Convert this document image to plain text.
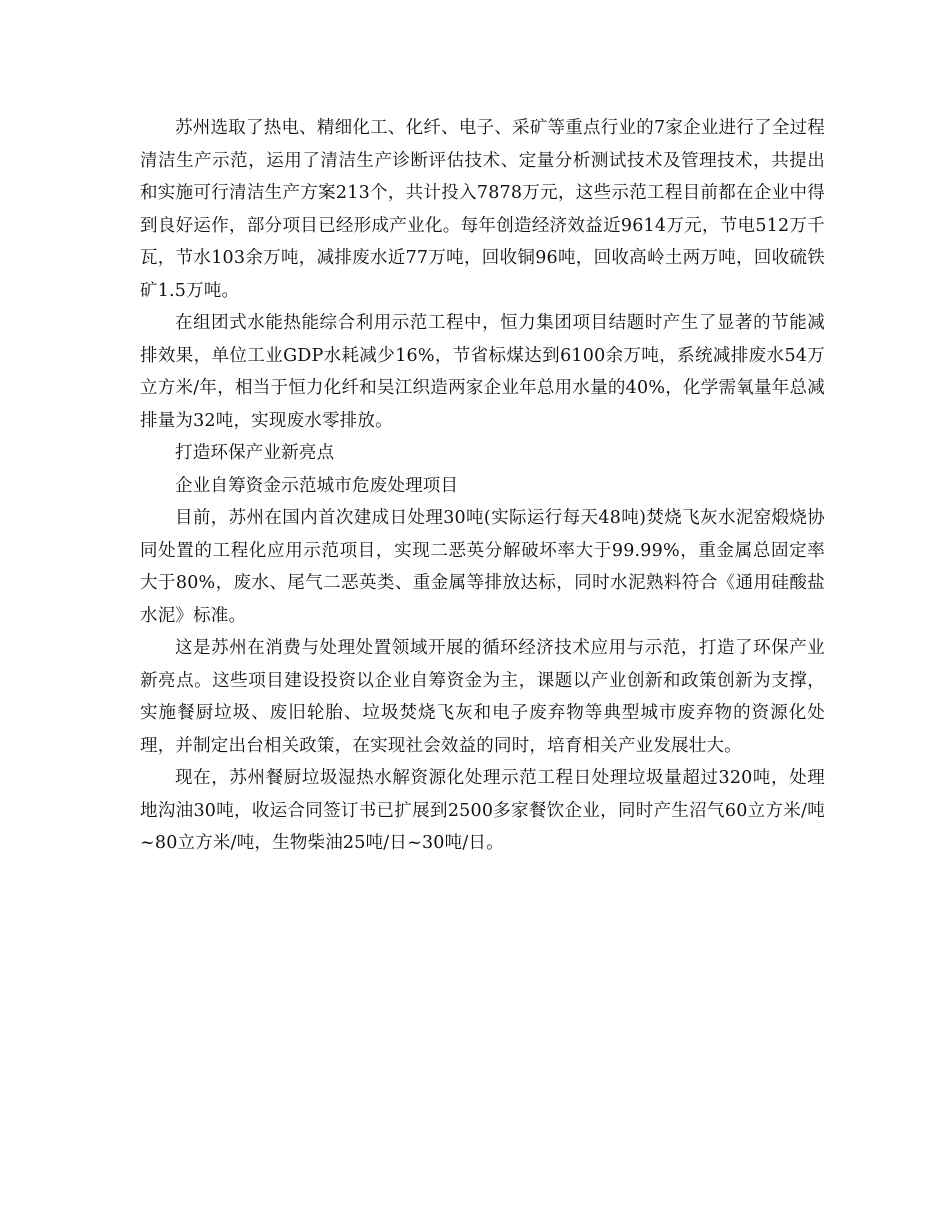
苏州选取了热电、精细化工、化纤、电子、采矿等重点行业的7家企业进行了全过程清洁生产示范，运用了清洁生产诊断评估技术、定量分析测试技术及管理技术，共提出和实施可行清洁生产方案213个，共计投入7878万元，这些示范工程目前都在企业中得到良好运作，部分项目已经形成产业化。每年创造经济效益近9614万元，节电512万千瓦，节水103余万吨，减排废水近77万吨，回收铜96吨，回收高岭土两万吨，回收硫铁矿1.5万吨。

在组团式水能热能综合利用示范工程中，恒力集团项目结题时产生了显著的节能减排效果，单位工业GDP水耗减少16%，节省标煤达到6100余万吨，系统减排废水54万立方米/年，相当于恒力化纤和吴江织造两家企业年总用水量的40%，化学需氧量年总减排量为32吨，实现废水零排放。

打造环保产业新亮点

企业自筹资金示范城市危废处理项目

目前，苏州在国内首次建成日处理30吨(实际运行每天48吨)焚烧飞灰水泥窑煅烧协同处置的工程化应用示范项目，实现二恶英分解破坏率大于99.99%，重金属总固定率大于80%，废水、尾气二恶英类、重金属等排放达标，同时水泥熟料符合《通用硅酸盐水泥》标准。

这是苏州在消费与处理处置领域开展的循环经济技术应用与示范，打造了环保产业新亮点。这些项目建设投资以企业自筹资金为主，课题以产业创新和政策创新为支撑，实施餐厨垃圾、废旧轮胎、垃圾焚烧飞灰和电子废弃物等典型城市废弃物的资源化处理，并制定出台相关政策，在实现社会效益的同时，培育相关产业发展壮大。

现在，苏州餐厨垃圾湿热水解资源化处理示范工程日处理垃圾量超过320吨，处理地沟油30吨，收运合同签订书已扩展到2500多家餐饮企业，同时产生沼气60立方米/吨~80立方米/吨，生物柴油25吨/日~30吨/日。
